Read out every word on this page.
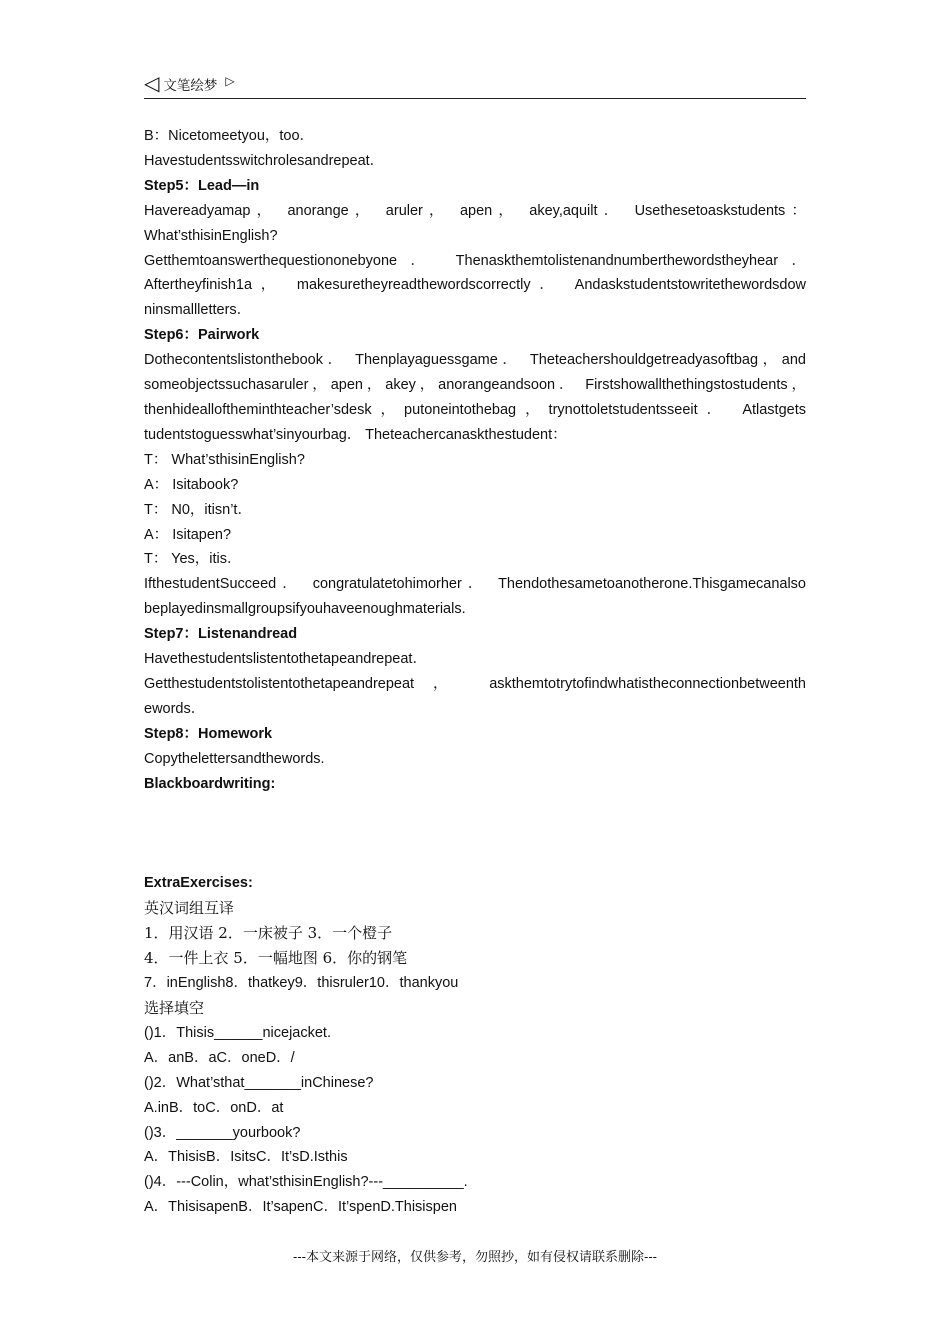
◁ 文笔绘梦 ▷
B：Nicetomeetyou，too．
Havestudentsswitchrolesandrepeat．
Step5：Lead—in
Havereadyamap， anorange， aruler， apen， akey,aquilt． Usethesetoaskstudents：
What’sthisinEnglish?
Getthemtoanswerthequestiononebyone． Thenaskthemtolistenandnumberthewordstheyhear．
Aftertheyfinish1a， makesuretheyreadthewordscorrectly． Andaskstudentstowritethewordsdow
ninsmallletters．
Step6：Pairwork
Dothecontentslistonthebook． Thenplayaguessgame． Theteachershouldgetreadyasoftbag，and
someobjectssuchasaruler，apen，akey，anorangeandsoon． Firstshowallthethingstostudents，
thenhidealloftheminthteacher’sdesk，putoneintothebag，trynottoletstudentsseeit． Atlastgets
tudentstoguesswhat’sinyourbag． Theteachercanaskthestudent：
T： What’sthisinEnglish?
A： Isitabook?
T： N0，itisn’t．
A： Isitapen?
T： Yes，itis．
IfthestudentSucceed． congratulatetohimorher． Thendothesametoanotherone.Thisgamecanalso
beplayedinsmallgroupsifyouhaveenoughmaterials.
Step7：Listenandread
Havethestudentslistentothetapeandrepeat．
Getthestudentstolistentothetapeandrepeat， askthemtotrytofindwhatistheconnectionbetweenth
ewords．
Step8：Homework
Copythelettersandthewords.
Blackboardwriting:
ExtraExercises:
英汉词组互译
1．用汉语 2．一床被子 3．一个橙子
4．一件上衣 5．一幅地图 6．你的钢笔
7．inEnglish8．thatkey9．thisruler10．thankyou
选择填空
()1．Thisis______nicejacket.
A．anB．aC．oneD．/
()2．What’sthat_______inChinese?
A.inB．toC．onD．at
()3．_______yourbook?
A．ThisisB．IsitsC．It’sD.Isthis
()4．---Colin，what’sthisinEnglish?---__________.
A．ThisisapenB．It’sapenC．It’spenD.Thisispen
---本文来源于网络，仅供参考，勿照抄，如有侵权请联系删除---
